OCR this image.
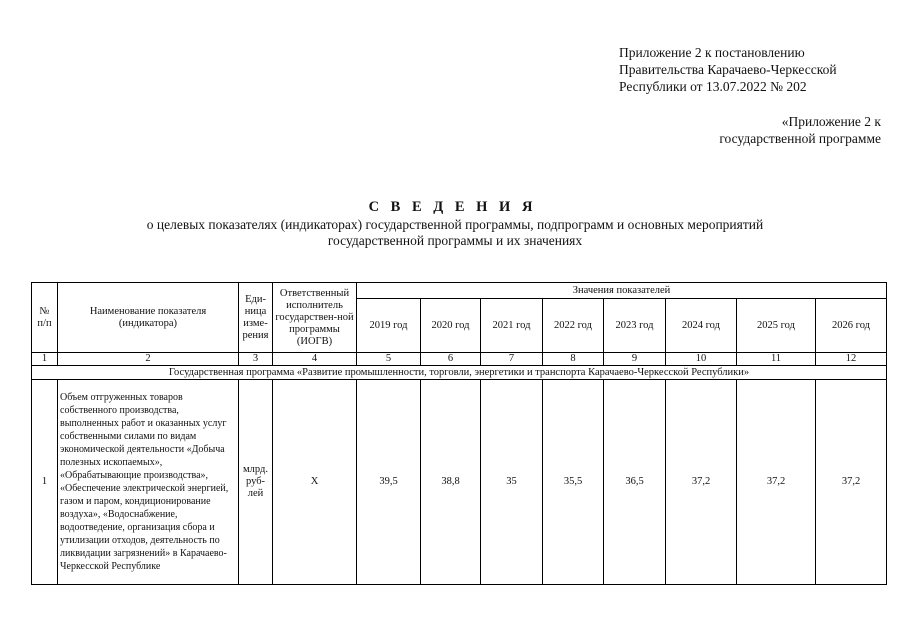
Приложение 2 к постановлению
Правительства Карачаево-Черкесской
Республики от 13.07.2022 № 202
«Приложение 2 к
государственной программе
С В Е Д Е Н И Я
о целевых показателях (индикаторах) государственной программы, подпрограмм и основных мероприятий
государственной программы и их значениях
№ п/п	Наименование показателя (индикатора)	Еди-ница изме-рения	Ответственный исполнитель государствен-ной программы (ИОГВ)	Значения показателей							
				2019 год	2020 год	2021 год	2022 год	2023 год	2024 год	2025 год	2026 год
1	2	3	4	5	6	7	8	9	10	11	12
Государственная программа «Развитие промышленности, торговли, энергетики и транспорта Карачаево-Черкесской Республики»											
1	Объем отгруженных товаров собственного производства, выполненных работ и оказанных услуг собственными силами по видам экономической деятельности «Добыча полезных ископаемых», «Обрабатывающие производства», «Обеспечение электрической энергией, газом и паром, кондиционирование воздуха», «Водоснабжение, водоотведение, организация сбора и утилизации отходов, деятельность по ликвидации загрязнений» в Карачаево-Черкесской Республике	млрд. руб-лей	Х	39,5	38,8	35	35,5	36,5	37,2	37,2	37,2
